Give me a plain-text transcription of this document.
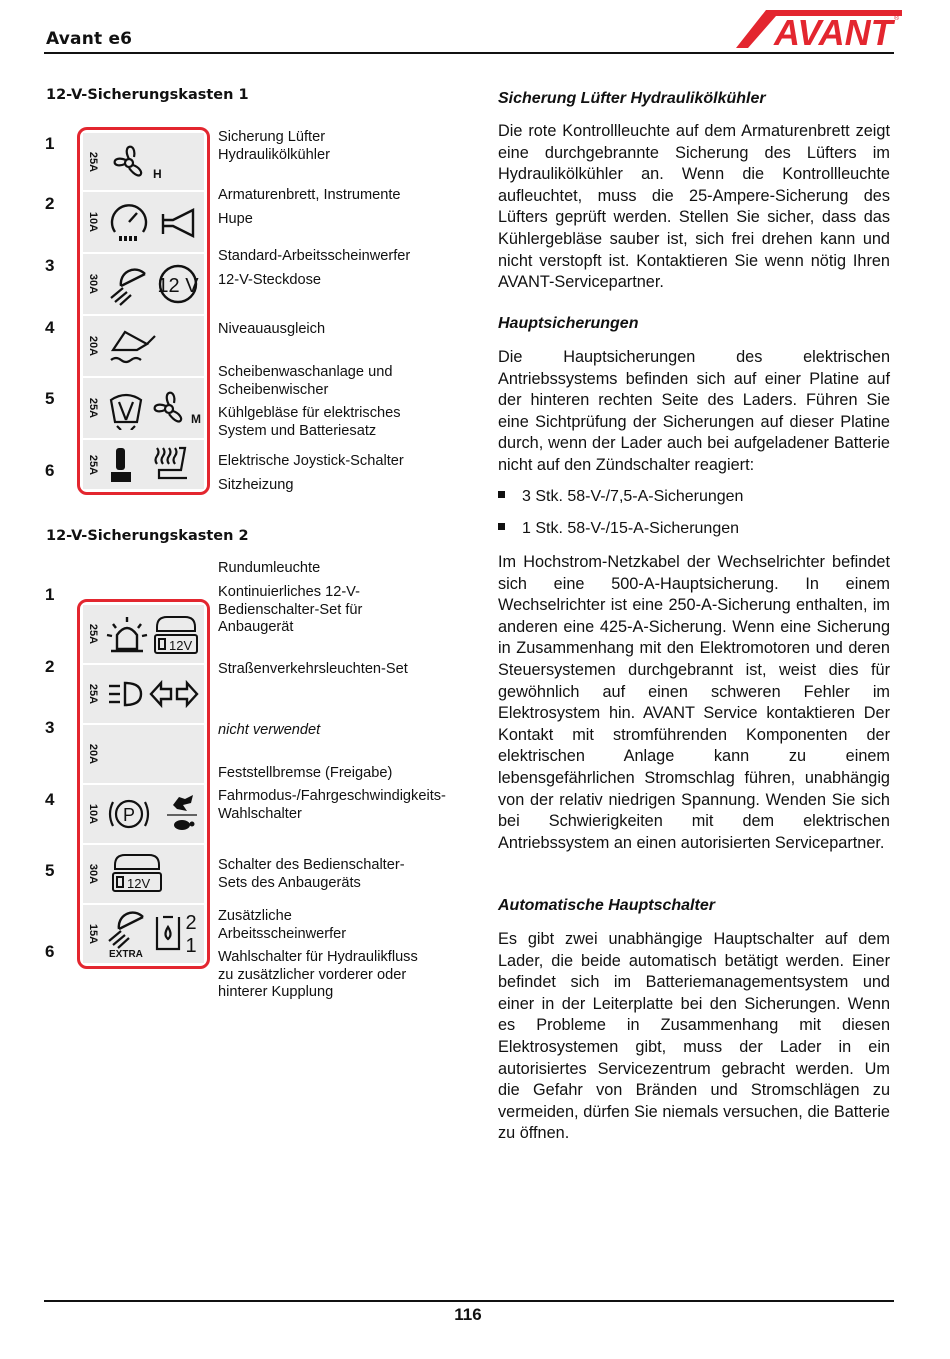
Avant e6	AVANT ®
12-V-Sicherungskasten 1
1
2
3
4
5
6
25A
H
10A
30A	12 V
20A
25A
M
25A
Sicherung Lüfter Hydraulikölkühler
Armaturenbrett, Instrumente
Hupe
Standard-Arbeitsscheinwerfer
12-V-Steckdose
Niveauausgleich
Scheibenwaschanlage und Scheibenwischer
Kühlgebläse für elektrisches System und Batteriesatz
Elektrische Joystick-Schalter
Sitzheizung
12-V-Sicherungskasten 2
1
2
3
4
5
6
25A
12V
25A
20A
10A P
30A 12V
15A
EXTRA
2
1
Rundumleuchte
Kontinuierliches 12-V-Bedienschalter-Set für Anbaugerät
Straßenverkehrsleuchten-Set
nicht verwendet
Feststellbremse (Freigabe)
Fahrmodus-/Fahrgeschwindigkeits-Wahlschalter
Schalter des Bedienschalter-Sets des Anbaugeräts
Zusätzliche Arbeitsscheinwerfer
Wahlschalter für Hydraulikfluss zu zusätzlicher vorderer oder hinterer Kupplung
Sicherung Lüfter Hydraulikölkühler
Die rote Kontrollleuchte auf dem Armaturenbrett zeigt eine durchgebrannte Sicherung des Lüfters im Hydraulikölkühler an. Wenn die Kontrollleuchte aufleuchtet, muss die 25-Ampere-Sicherung des Lüfters geprüft werden. Stellen Sie sicher, dass das Kühlergebläse sauber ist, sich frei drehen kann und nicht verstopft ist. Kontaktieren Sie wenn nötig Ihren AVANT-Servicepartner.
Hauptsicherungen
Die Hauptsicherungen des elektrischen Antriebssystems befinden sich auf einer Platine auf der hinteren rechten Seite des Laders. Führen Sie eine Sichtprüfung der Sicherungen auf dieser Platine durch, wenn der Lader auch bei aufgeladener Batterie nicht auf den Zündschalter reagiert:
3 Stk. 58-V-/7,5-A-Sicherungen
1 Stk. 58-V-/15-A-Sicherungen
Im Hochstrom-Netzkabel der Wechselrichter befindet sich eine 500-A-Hauptsicherung. In einem Wechselrichter ist eine 250-A-Sicherung enthalten, im anderen eine 425-A-Sicherung. Wenn eine Sicherung in Zusammenhang mit den Elektromotoren und deren Steuersystemen durchgebrannt ist, weist dies für gewöhnlich auf einen schweren Fehler im Elektrosystem hin. AVANT Service kontaktieren Der Kontakt mit stromführenden Komponenten der elektrischen Anlage kann zu einem lebensgefährlichen Stromschlag führen, unabhängig von der relativ niedrigen Spannung. Wenden Sie sich bei Schwierigkeiten mit dem elektrischen Antriebssystem an einen autorisierten Servicepartner.
Automatische Hauptschalter
Es gibt zwei unabhängige Hauptschalter auf dem Lader, die beide automatisch betätigt werden. Einer befindet sich im Batteriemanagementsystem und einer in der Leiterplatte bei den Sicherungen. Wenn es Probleme in Zusammenhang mit diesen Elektrosystemen gibt, muss der Lader in ein autorisiertes Servicezentrum gebracht werden. Um die Gefahr von Bränden und Stromschlägen zu vermeiden, dürfen Sie niemals versuchen, die Batterie zu öffnen.
116
